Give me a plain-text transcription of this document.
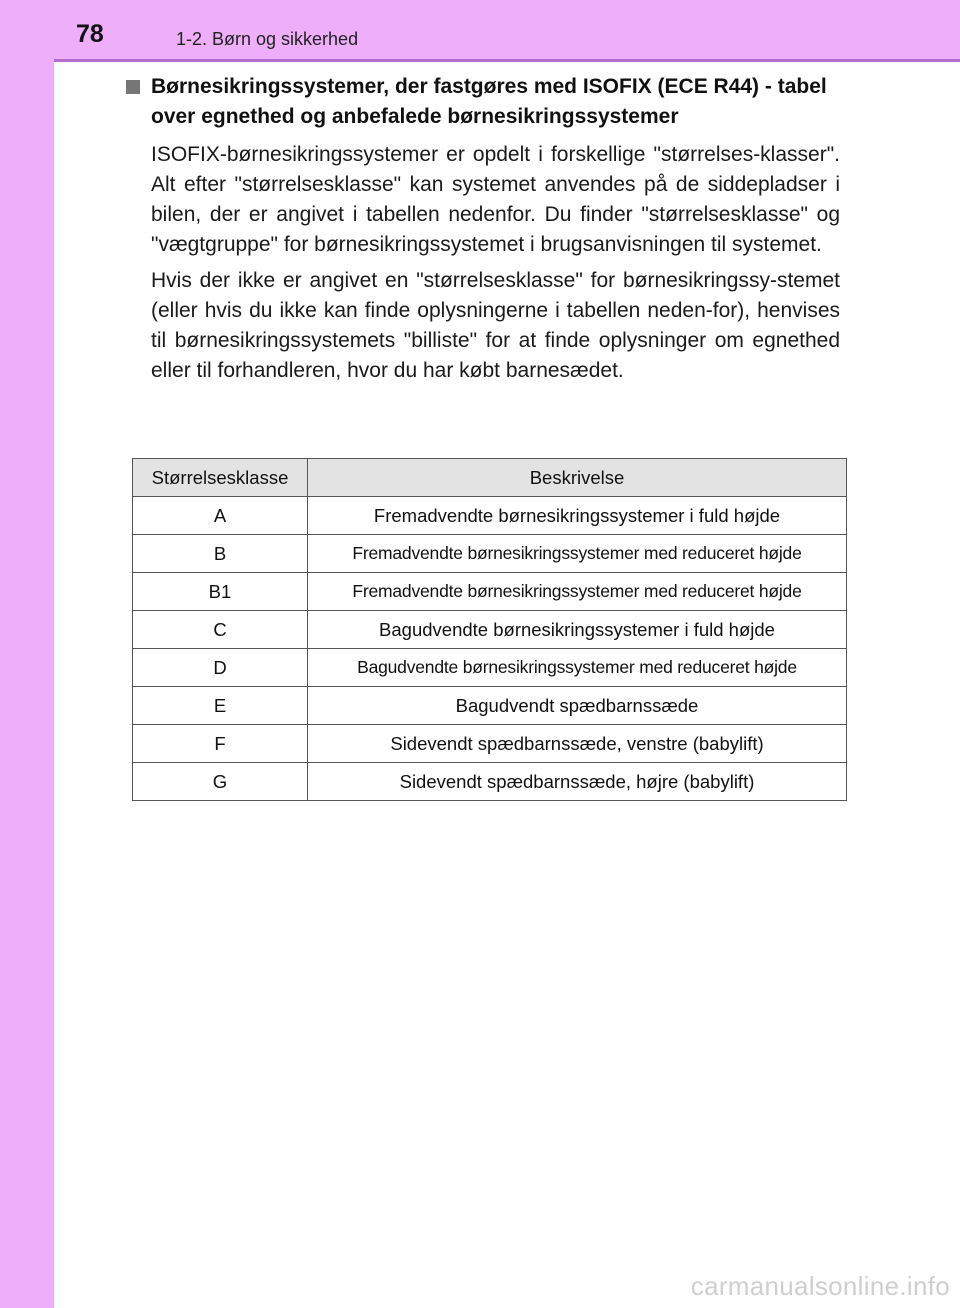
78	1-2. Børn og sikkerhed
Børnesikringssystemer, der fastgøres med ISOFIX (ECE R44) - tabel over egnethed og anbefalede børnesikringssystemer

ISOFIX-børnesikringssystemer er opdelt i forskellige "størrelses-klasser". Alt efter "størrelsesklasse" kan systemet anvendes på de siddepladser i bilen, der er angivet i tabellen nedenfor. Du finder "størrelsesklasse" og "vægtgruppe" for børnesikringssystemet i brugsanvisningen til systemet.

Hvis der ikke er angivet en "størrelsesklasse" for børnesikringssy-stemet (eller hvis du ikke kan finde oplysningerne i tabellen neden-for), henvises til børnesikringssystemets "billiste" for at finde oplysninger om egnethed eller til forhandleren, hvor du har købt barnesædet.

Størrelsesklasse	Beskrivelse
A	Fremadvendte børnesikringssystemer i fuld højde
B	Fremadvendte børnesikringssystemer med reduceret højde
B1	Fremadvendte børnesikringssystemer med reduceret højde
C	Bagudvendte børnesikringssystemer i fuld højde
D	Bagudvendte børnesikringssystemer med reduceret højde
E	Bagudvendt spædbarnssæde
F	Sidevendt spædbarnssæde, venstre (babylift)
G	Sidevendt spædbarnssæde, højre (babylift)
carmanualsonline.info
